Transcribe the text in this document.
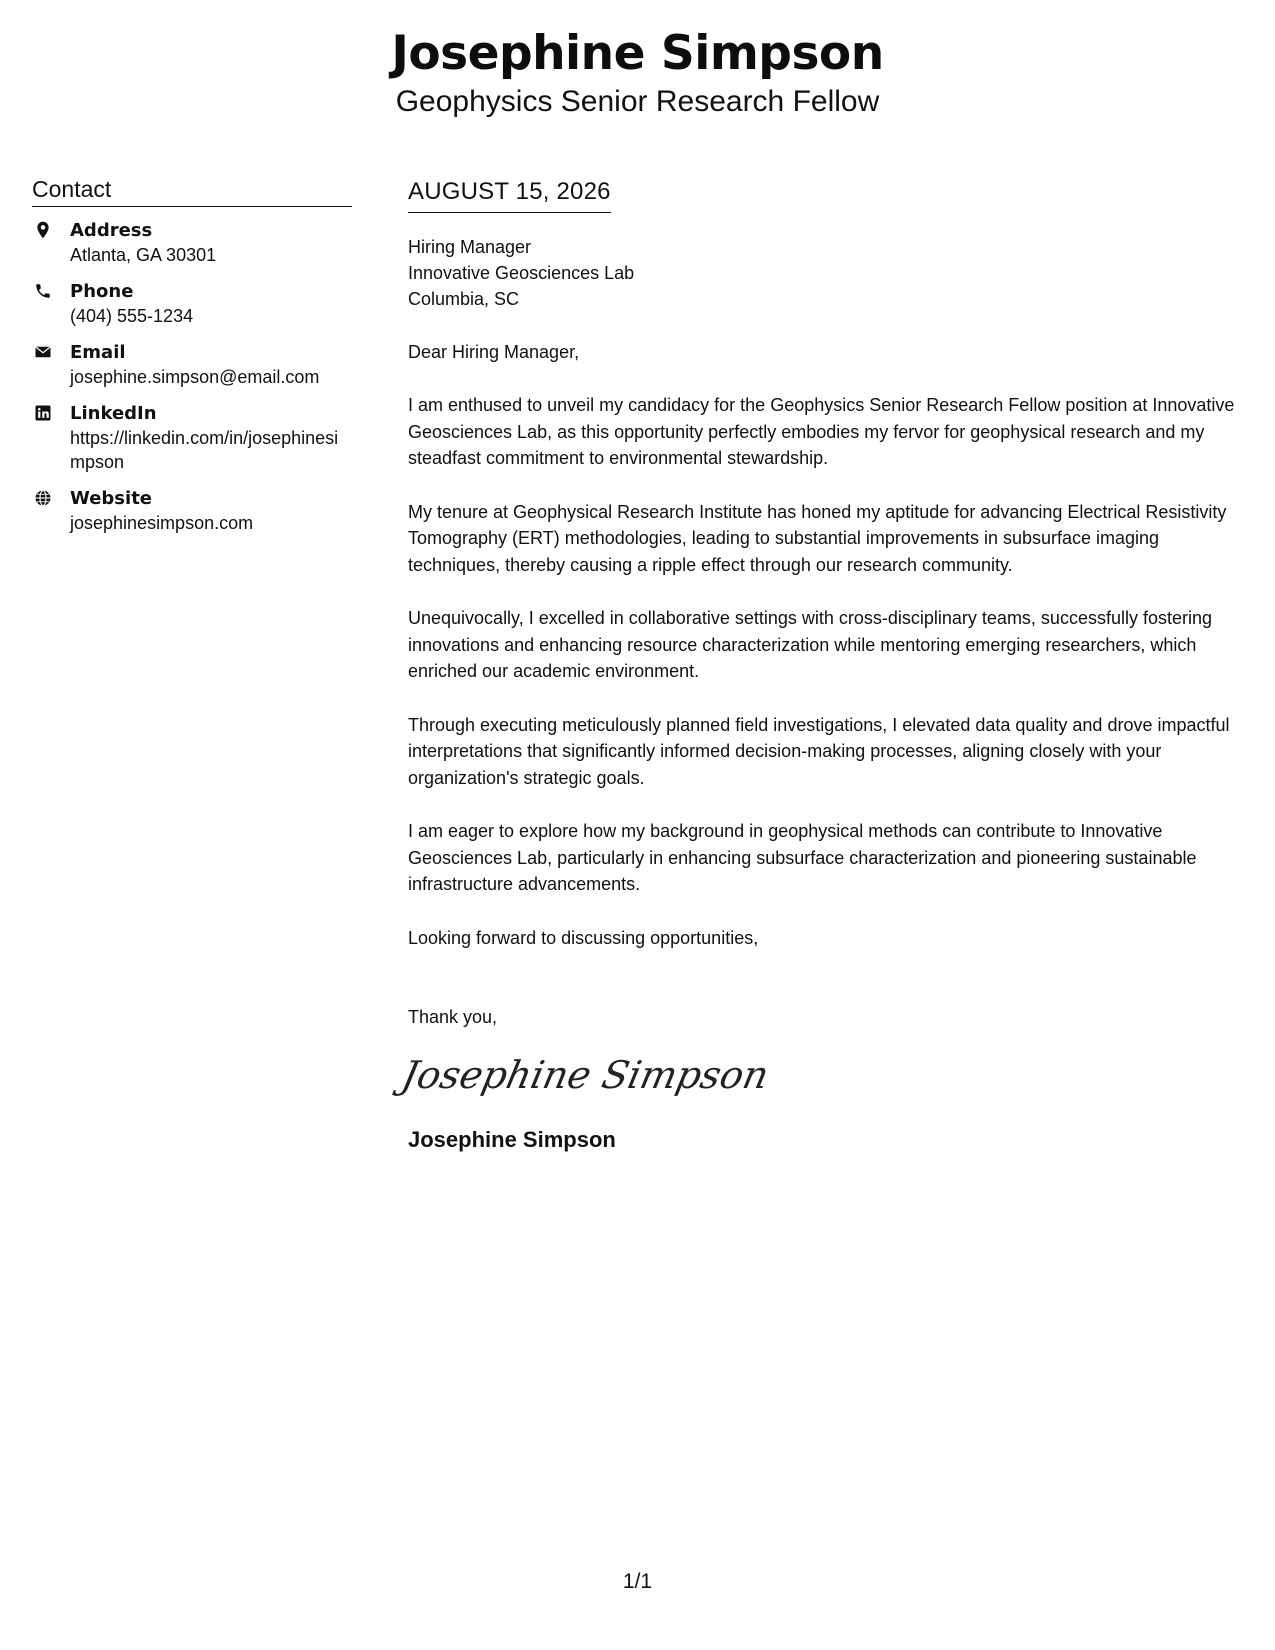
Josephine Simpson
Geophysics Senior Research Fellow
Contact
Address
Atlanta, GA 30301
Phone
(404) 555-1234
Email
josephine.simpson@email.com
LinkedIn
https://linkedin.com/in/josephinesimpson
Website
josephinesimpson.com
AUGUST 15, 2026
Hiring Manager
Innovative Geosciences Lab
Columbia, SC
Dear Hiring Manager,
I am enthused to unveil my candidacy for the Geophysics Senior Research Fellow position at Innovative Geosciences Lab, as this opportunity perfectly embodies my fervor for geophysical research and my steadfast commitment to environmental stewardship.
My tenure at Geophysical Research Institute has honed my aptitude for advancing Electrical Resistivity Tomography (ERT) methodologies, leading to substantial improvements in subsurface imaging techniques, thereby causing a ripple effect through our research community.
Unequivocally, I excelled in collaborative settings with cross-disciplinary teams, successfully fostering innovations and enhancing resource characterization while mentoring emerging researchers, which enriched our academic environment.
Through executing meticulously planned field investigations, I elevated data quality and drove impactful interpretations that significantly informed decision-making processes, aligning closely with your organization's strategic goals.
I am eager to explore how my background in geophysical methods can contribute to Innovative Geosciences Lab, particularly in enhancing subsurface characterization and pioneering sustainable infrastructure advancements.
Looking forward to discussing opportunities,
Thank you,
Josephine Simpson
Josephine Simpson
1/1
